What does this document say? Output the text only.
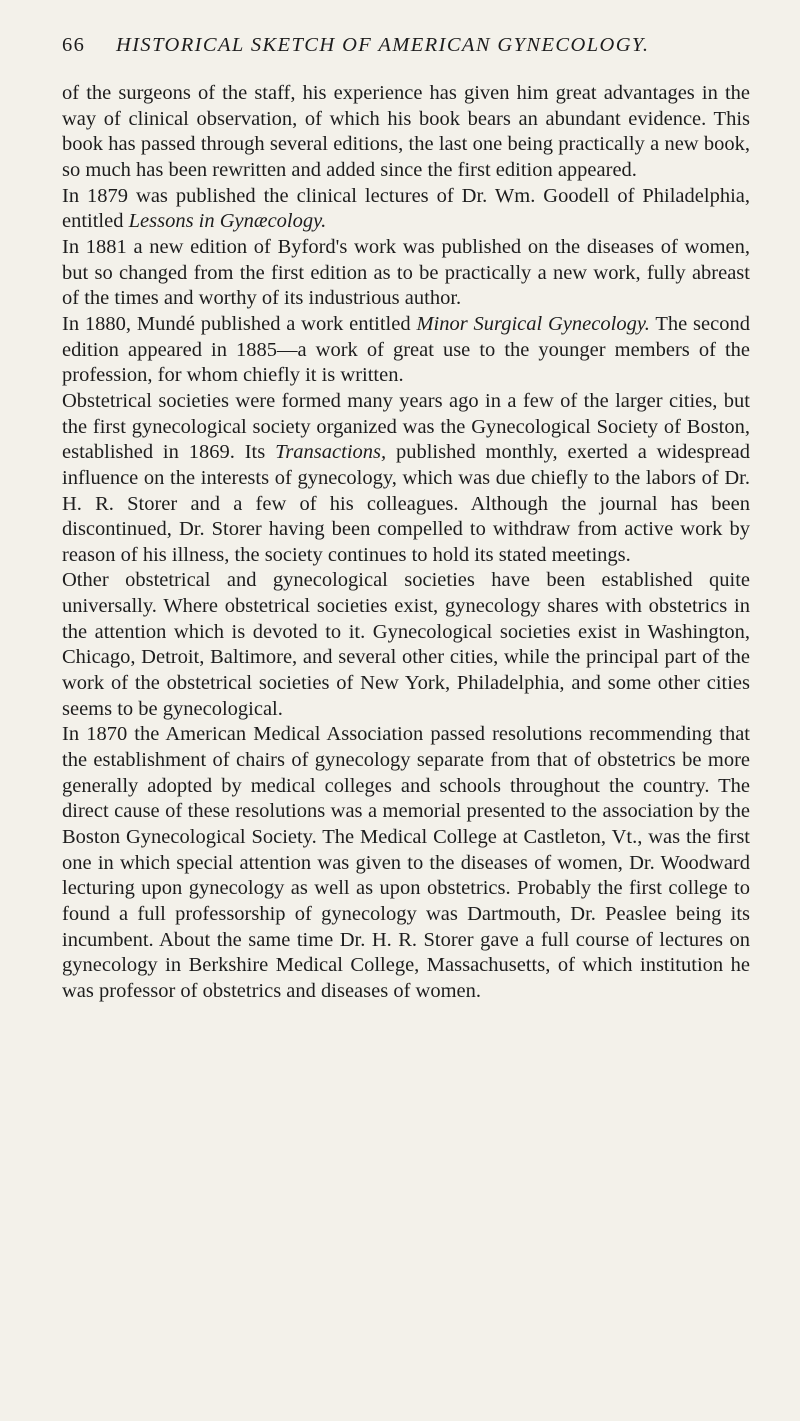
66 HISTORICAL SKETCH OF AMERICAN GYNECOLOGY.

of the surgeons of the staff, his experience has given him great advantages in the way of clinical observation, of which his book bears an abundant evidence. This book has passed through several editions, the last one being practically a new book, so much has been rewritten and added since the first edition appeared.

In 1879 was published the clinical lectures of Dr. Wm. Goodell of Philadelphia, entitled Lessons in Gynæcology.

In 1881 a new edition of Byford's work was published on the diseases of women, but so changed from the first edition as to be practically a new work, fully abreast of the times and worthy of its industrious author.

In 1880, Mundé published a work entitled Minor Surgical Gynecology. The second edition appeared in 1885—a work of great use to the younger members of the profession, for whom chiefly it is written.

Obstetrical societies were formed many years ago in a few of the larger cities, but the first gynecological society organized was the Gynecological Society of Boston, established in 1869. Its Transactions, published monthly, exerted a widespread influence on the interests of gynecology, which was due chiefly to the labors of Dr. H. R. Storer and a few of his colleagues. Although the journal has been discontinued, Dr. Storer having been compelled to withdraw from active work by reason of his illness, the society continues to hold its stated meetings.

Other obstetrical and gynecological societies have been established quite universally. Where obstetrical societies exist, gynecology shares with obstetrics in the attention which is devoted to it. Gynecological societies exist in Washington, Chicago, Detroit, Baltimore, and several other cities, while the principal part of the work of the obstetrical societies of New York, Philadelphia, and some other cities seems to be gynecological.

In 1870 the American Medical Association passed resolutions recommending that the establishment of chairs of gynecology separate from that of obstetrics be more generally adopted by medical colleges and schools throughout the country. The direct cause of these resolutions was a memorial presented to the association by the Boston Gynecological Society. The Medical College at Castleton, Vt., was the first one in which special attention was given to the diseases of women, Dr. Woodward lecturing upon gynecology as well as upon obstetrics. Probably the first college to found a full professorship of gynecology was Dartmouth, Dr. Peaslee being its incumbent. About the same time Dr. H. R. Storer gave a full course of lectures on gynecology in Berkshire Medical College, Massachusetts, of which institution he was professor of obstetrics and diseases of women.
